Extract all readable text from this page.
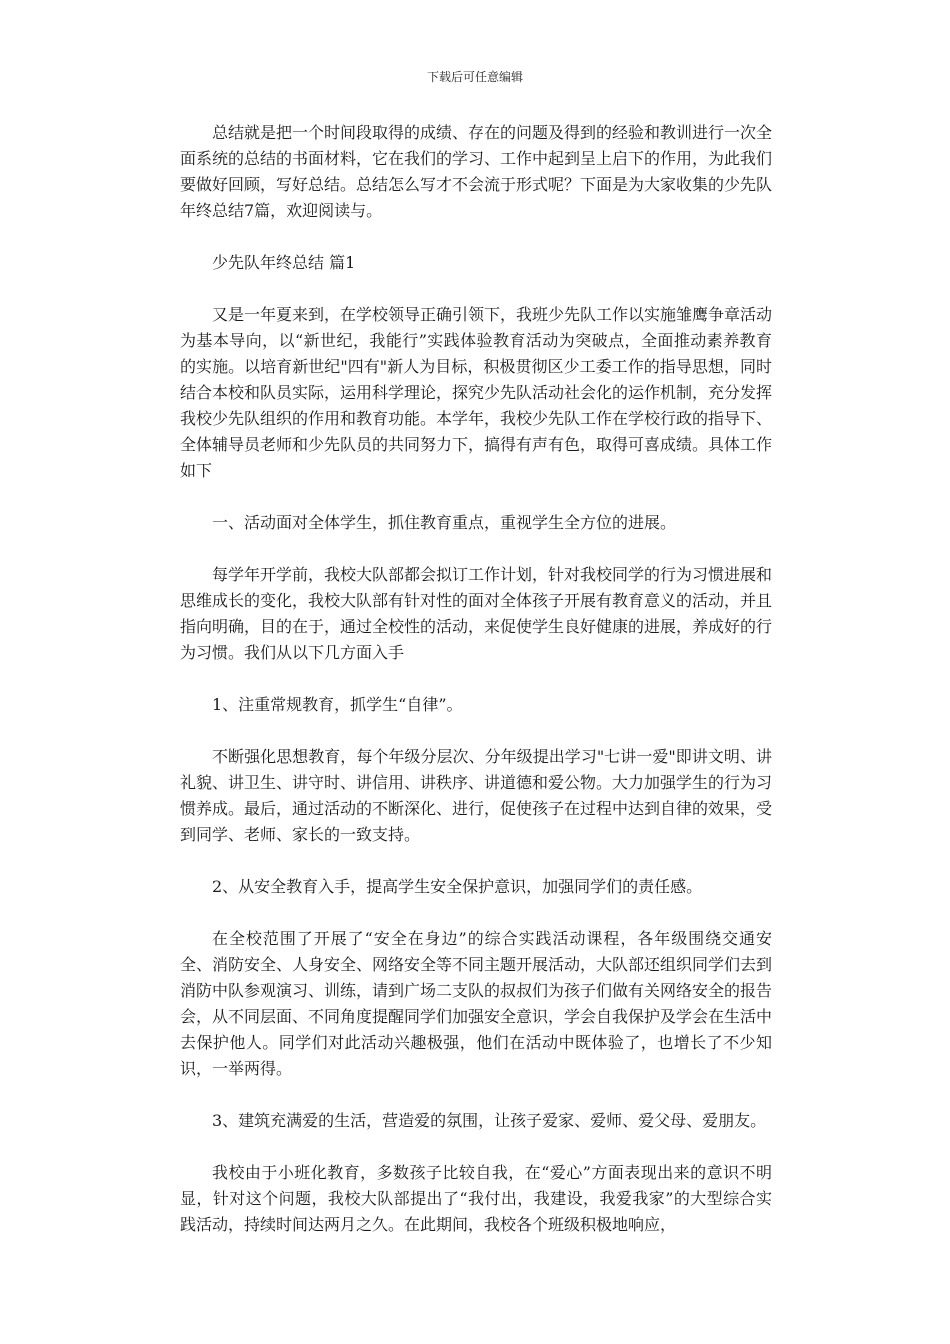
下载后可任意编辑

总结就是把一个时间段取得的成绩、存在的问题及得到的经验和教训进行一次全面系统的总结的书面材料，它在我们的学习、工作中起到呈上启下的作用，为此我们要做好回顾，写好总结。总结怎么写才不会流于形式呢？下面是为大家收集的少先队年终总结7篇，欢迎阅读与。

少先队年终总结 篇1

又是一年夏来到，在学校领导正确引领下，我班少先队工作以实施雏鹰争章活动为基本导向，以“新世纪，我能行”实践体验教育活动为突破点，全面推动素养教育的实施。以培育新世纪"四有"新人为目标，积极贯彻区少工委工作的指导思想，同时结合本校和队员实际，运用科学理论，探究少先队活动社会化的运作机制，充分发挥我校少先队组织的作用和教育功能。本学年，我校少先队工作在学校行政的指导下、全体辅导员老师和少先队员的共同努力下，搞得有声有色，取得可喜成绩。具体工作如下

一、活动面对全体学生，抓住教育重点，重视学生全方位的进展。

每学年开学前，我校大队部都会拟订工作计划，针对我校同学的行为习惯进展和思维成长的变化，我校大队部有针对性的面对全体孩子开展有教育意义的活动，并且指向明确，目的在于，通过全校性的活动，来促使学生良好健康的进展，养成好的行为习惯。我们从以下几方面入手

1、注重常规教育，抓学生“自律”。

不断强化思想教育，每个年级分层次、分年级提出学习"七讲一爱"即讲文明、讲礼貌、讲卫生、讲守时、讲信用、讲秩序、讲道德和爱公物。大力加强学生的行为习惯养成。最后，通过活动的不断深化、进行，促使孩子在过程中达到自律的效果，受到同学、老师、家长的一致支持。

2、从安全教育入手，提高学生安全保护意识，加强同学们的责任感。

在全校范围了开展了“安全在身边”的综合实践活动课程，各年级围绕交通安全、消防安全、人身安全、网络安全等不同主题开展活动，大队部还组织同学们去到消防中队参观演习、训练，请到广场二支队的叔叔们为孩子们做有关网络安全的报告会，从不同层面、不同角度提醒同学们加强安全意识，学会自我保护及学会在生活中去保护他人。同学们对此活动兴趣极强，他们在活动中既体验了，也增长了不少知识，一举两得。

3、建筑充满爱的生活，营造爱的氛围，让孩子爱家、爱师、爱父母、爱朋友。

我校由于小班化教育，多数孩子比较自我，在“爱心”方面表现出来的意识不明显，针对这个问题，我校大队部提出了“我付出，我建设，我爱我家”的大型综合实践活动，持续时间达两月之久。在此期间，我校各个班级积极地响应，
